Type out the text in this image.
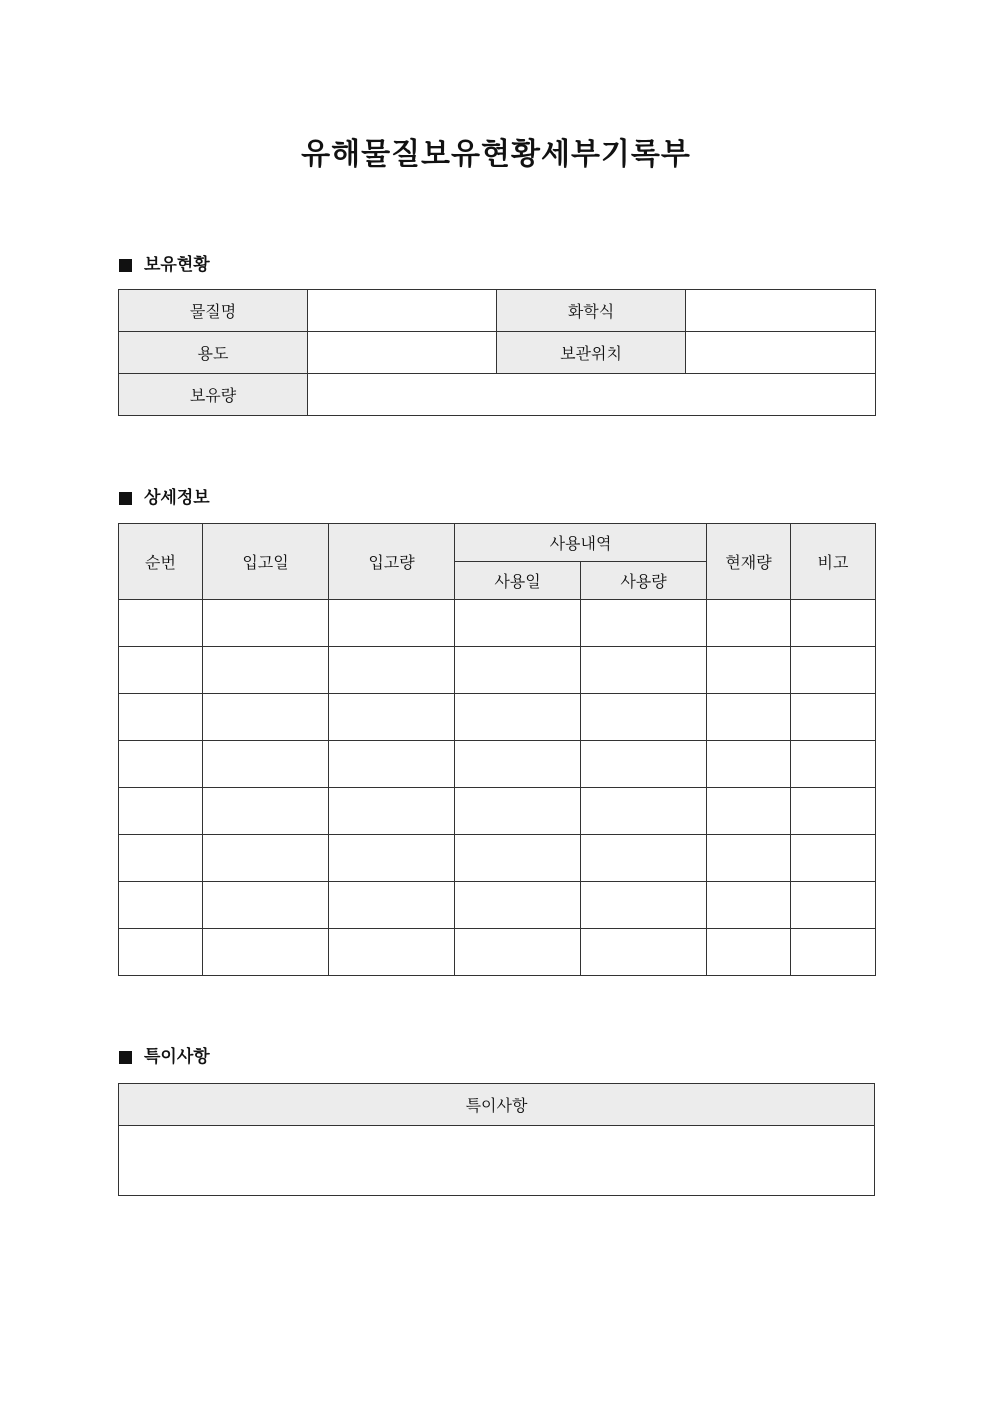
유해물질보유현황세부기록부
보유현황
물질명		화학식	
용도		보관위치	
보유량			
상세정보
순번	입고일	입고량	사용내역		현재량	비고
			사용일	사용량		

특이사항
특이사항
